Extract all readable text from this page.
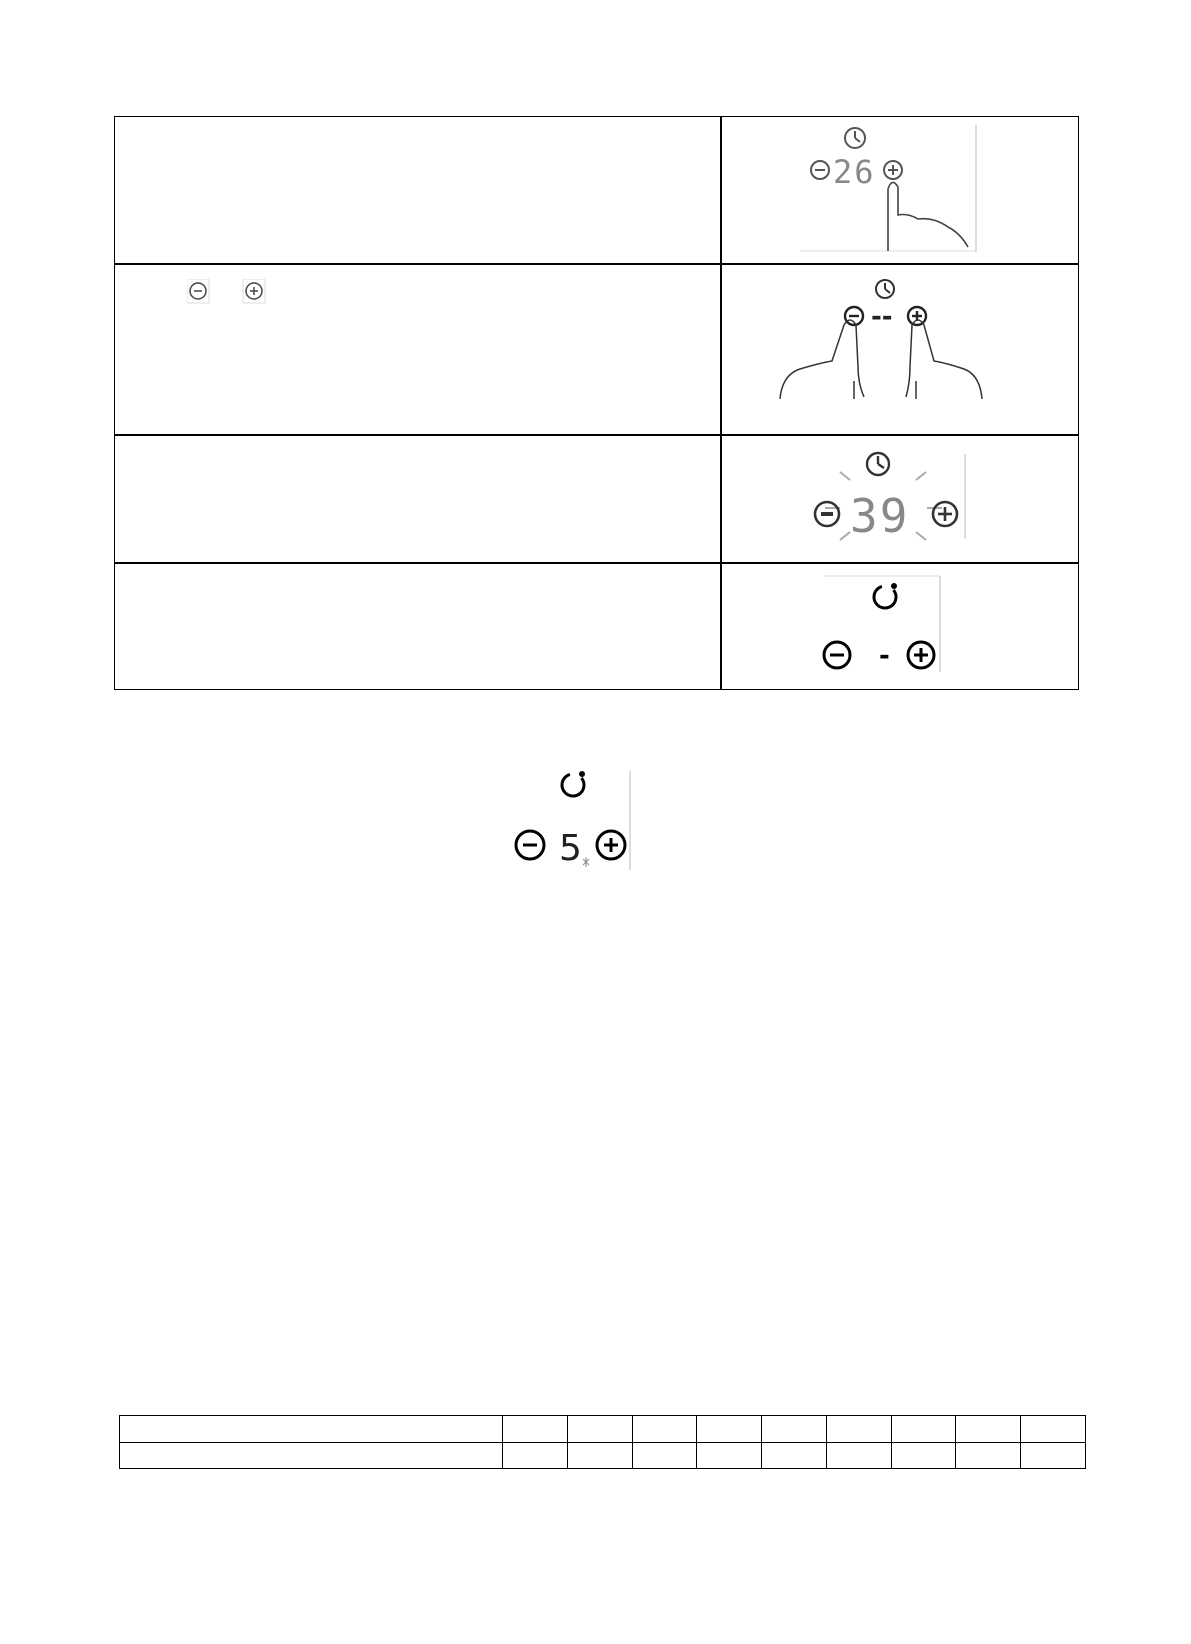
26
--
39
-
5
